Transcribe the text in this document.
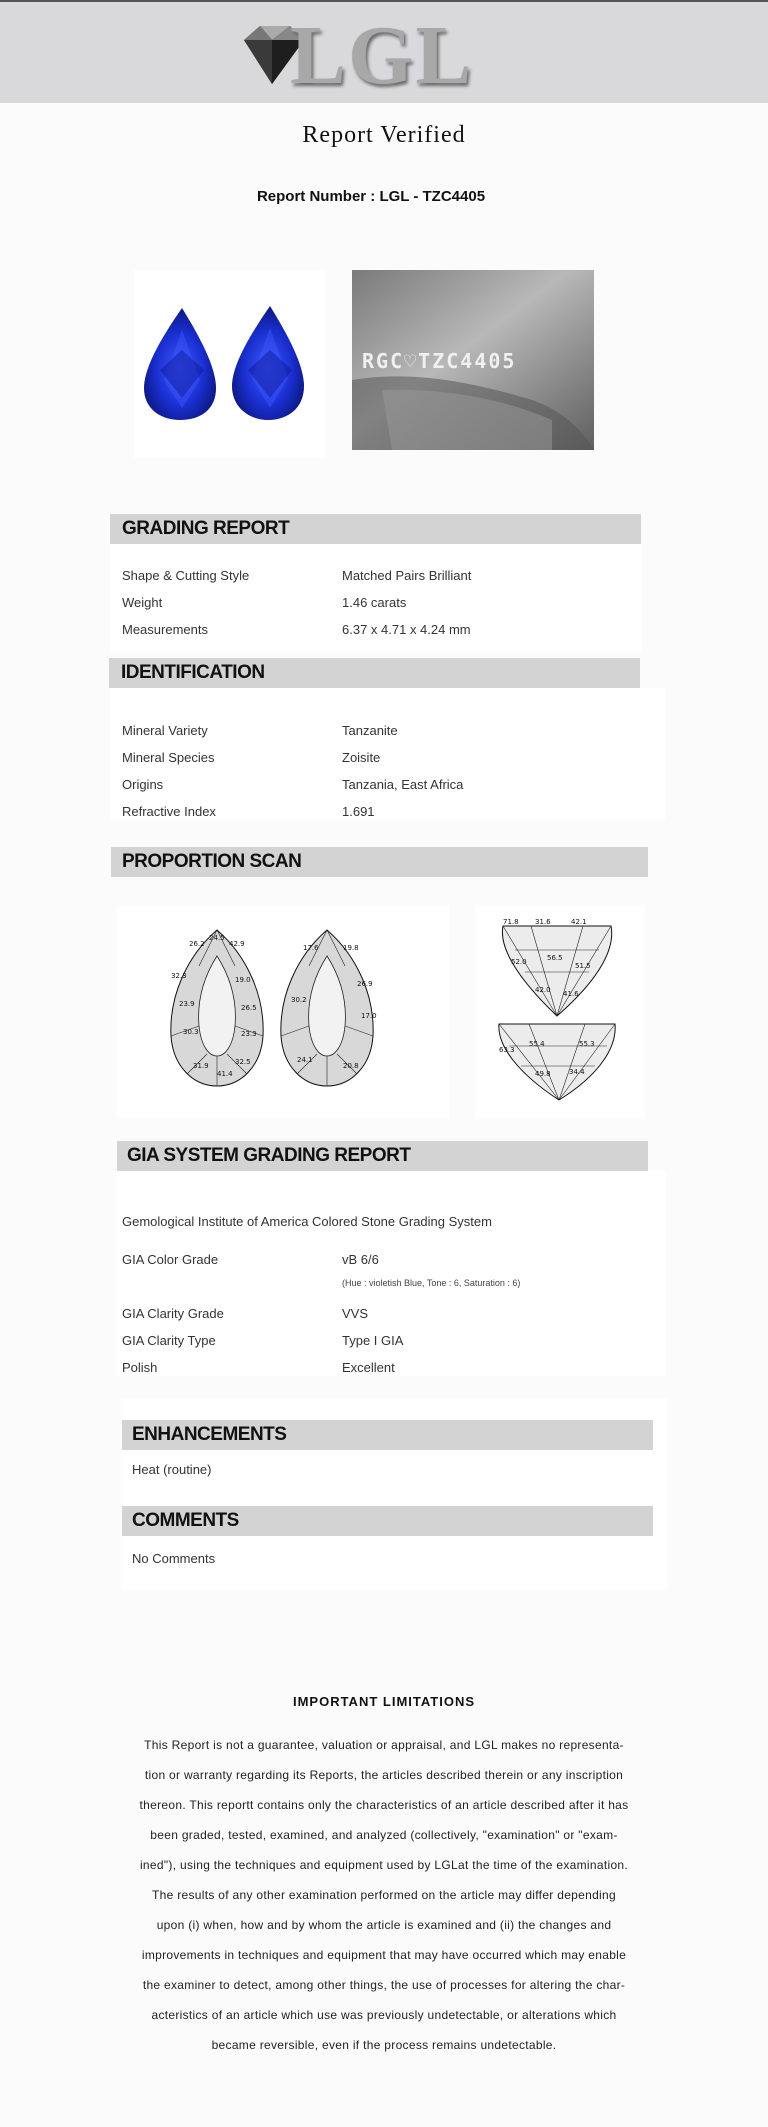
LGL
Report Verified
Report Number : LGL - TZC4405
RGC♡TZC4405
GRADING REPORT
Shape & Cutting Style	Matched Pairs Brilliant
Weight	1.46 carats
Measurements	6.37 x 4.71 x 4.24 mm
IDENTIFICATION
Mineral Variety	Tanzanite
Mineral Species	Zoisite
Origins	Tanzania, East Africa
Refractive Index	1.691
PROPORTION SCAN
26.2
24.5
42.9
32.3
23.9
30.3
19.0
26.5
23.3
31.9
41.4
32.5
17.6	19.8
26.9
30.2
17.0
24.1
20.8
71.8 31.6	42.1
52.0	56.5
51.5
42.0 41.6
63.3
55.4	55.3
49.8	34.4
GIA SYSTEM GRADING REPORT
Gemological Institute of America Colored Stone Grading System
GIA Color Grade	vB 6/6
(Hue : violetish Blue, Tone : 6, Saturation : 6)
GIA Clarity Grade	VVS
GIA Clarity Type	Type I GIA
Polish	Excellent
ENHANCEMENTS
Heat (routine)
COMMENTS
No Comments
IMPORTANT LIMITATIONS
This Report is not a guarantee, valuation or appraisal, and LGL makes no representa-
tion or warranty regarding its Reports, the articles described therein or any inscription
thereon. This reportt contains only the characteristics of an article described after it has
been graded, tested, examined, and analyzed (collectively, "examination" or "exam-
ined"), using the techniques and equipment used by LGLat the time of the examination.
The results of any other examination performed on the article may differ depending
upon (i) when, how and by whom the article is examined and (ii) the changes and
improvements in techniques and equipment that may have occurred which may enable
the examiner to detect, among other things, the use of processes for altering the char-
acteristics of an article which use was previously undetectable, or alterations which
became reversible, even if the process remains undetectable.
